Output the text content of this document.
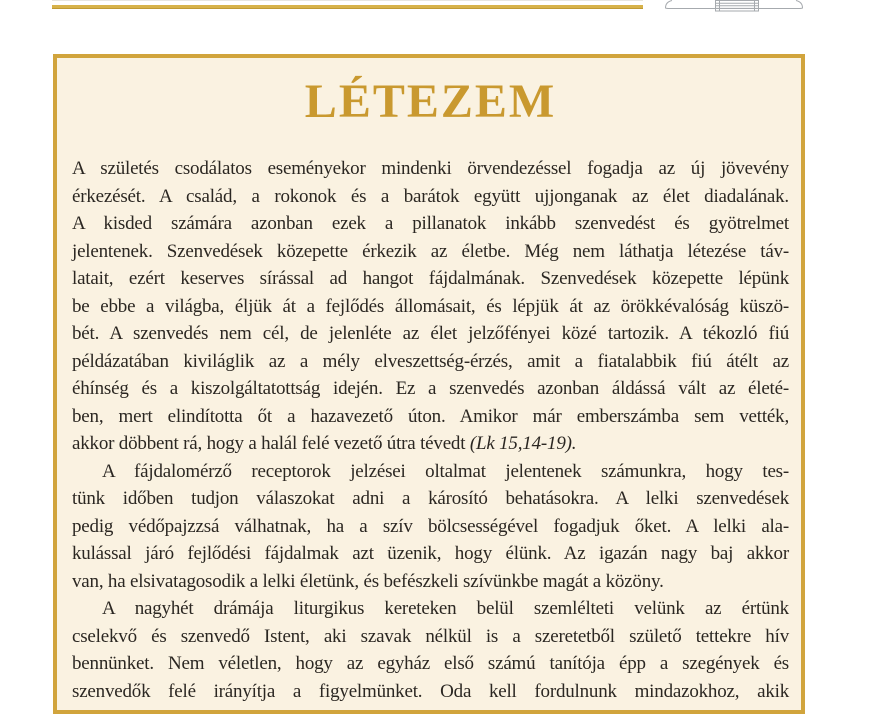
LÉTEZEM
A születés csodálatos eseményekor mindenki örvendezéssel fogadja az új jövevény
érkezését. A család, a rokonok és a barátok együtt ujjonganak az élet diadalának.
A kisded számára azonban ezek a pillanatok inkább szenvedést és gyötrelmet
jelentenek. Szenvedések közepette érkezik az életbe. Még nem láthatja létezése táv-
latait, ezért keserves sírással ad hangot fájdalmának. Szenvedések közepette lépünk
be ebbe a világba, éljük át a fejlődés állomásait, és lépjük át az örökkévalóság küszö-
bét. A szenvedés nem cél, de jelenléte az élet jelzőfényei közé tartozik. A tékozló fiú
példázatában kiviláglik az a mély elveszettség-érzés, amit a fiatalabbik fiú átélt az
éhínség és a kiszolgáltatottság idején. Ez a szenvedés azonban áldássá vált az életé-
ben, mert elindította őt a hazavezető úton. Amikor már emberszámba sem vették,
akkor döbbent rá, hogy a halál felé vezető útra tévedt (Lk 15,14-19).
A fájdalomérző receptorok jelzései oltalmat jelentenek számunkra, hogy tes-
tünk időben tudjon válaszokat adni a károsító behatásokra. A lelki szenvedések
pedig védőpajzzsá válhatnak, ha a szív bölcsességével fogadjuk őket. A lelki ala-
kulással járó fejlődési fájdalmak azt üzenik, hogy élünk. Az igazán nagy baj akkor
van, ha elsivatagosodik a lelki életünk, és befészkeli szívünkbe magát a közöny.
A nagyhét drámája liturgikus kereteken belül szemlélteti velünk az értünk
cselekvő és szenvedő Istent, aki szavak nélkül is a szeretetből születő tettekre hív
bennünket. Nem véletlen, hogy az egyház első számú tanítója épp a szegények és
szenvedők felé irányítja a figyelmünket. Oda kell fordulnunk mindazokhoz, akik
